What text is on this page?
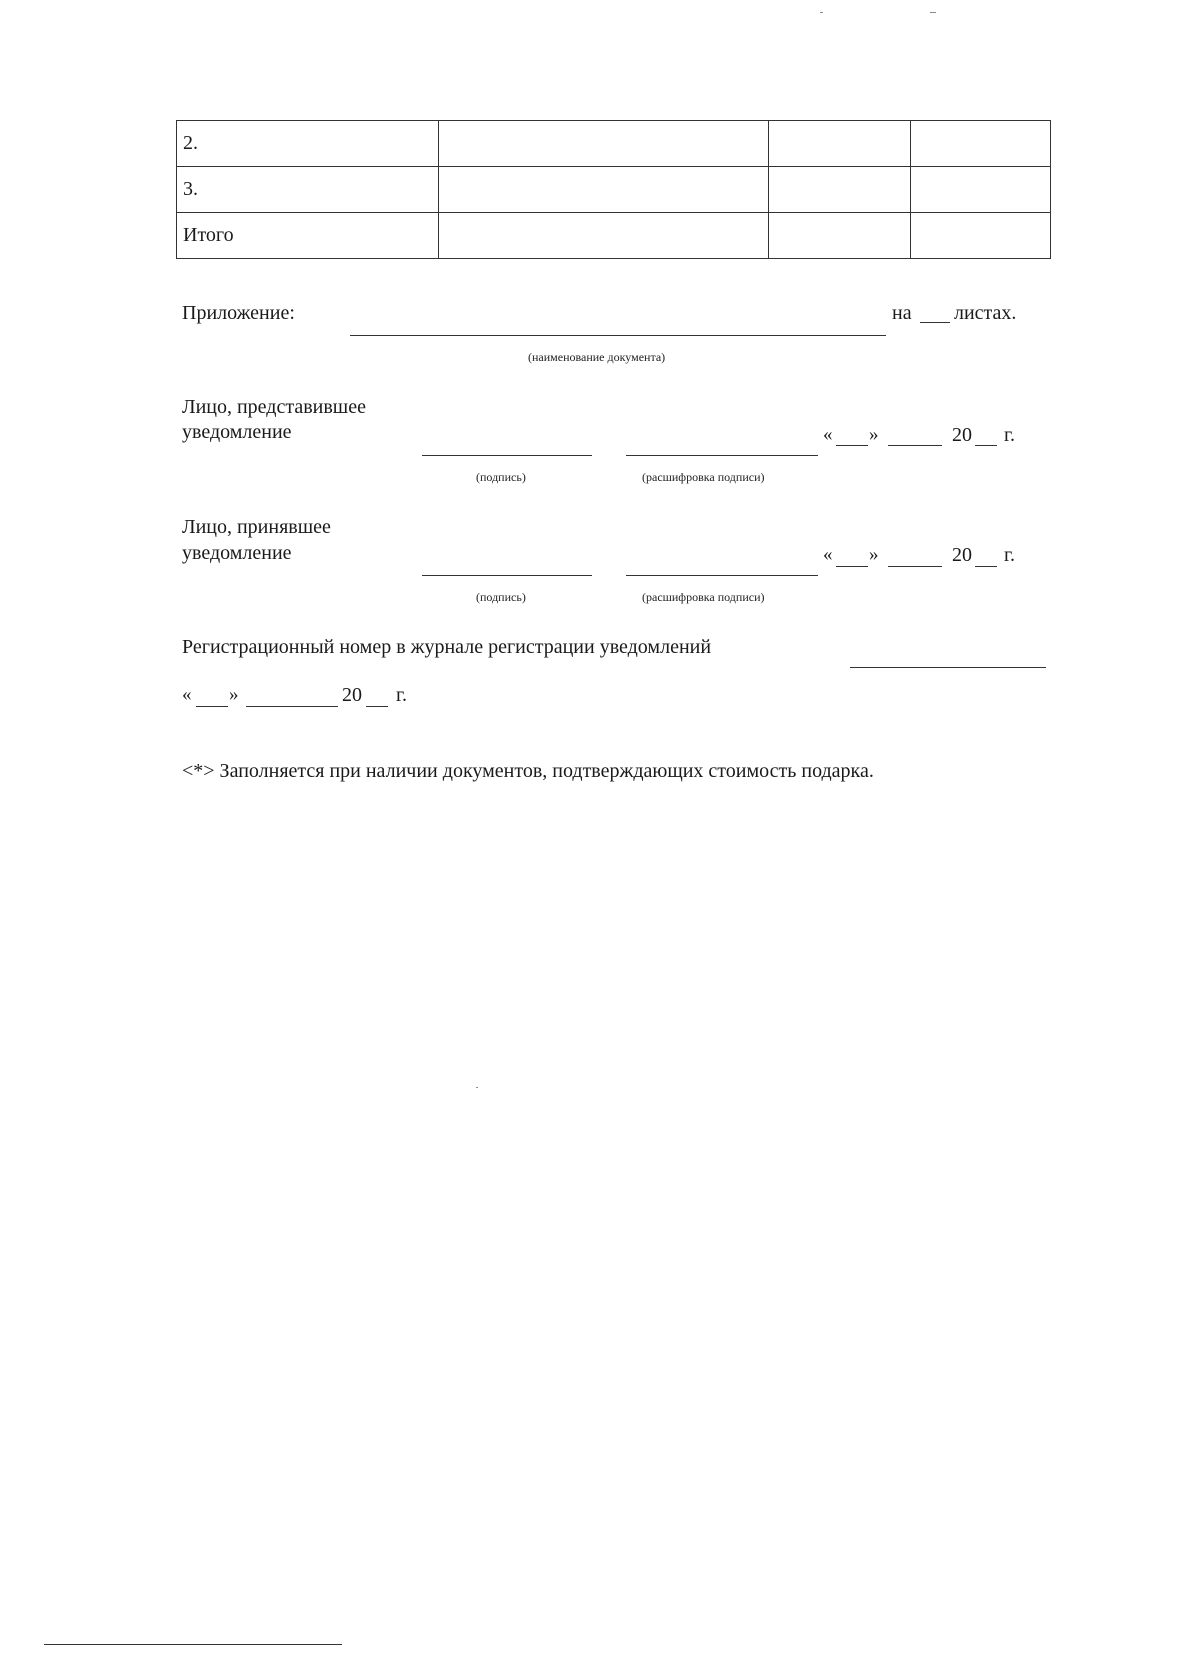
2.			
3.			
Итого			
Приложение:	на листах.
(наименование документа)
Лицо, представившее
уведомление
(подпись)	(расшифровка подписи)
« »	20 г.
Лицо, принявшее
уведомление
(подпись)	(расшифровка подписи)
« »	20 г.
Регистрационный номер в журнале регистрации уведомлений
« »	20 г.
<*> Заполняется при наличии документов, подтверждающих стоимость подарка.
